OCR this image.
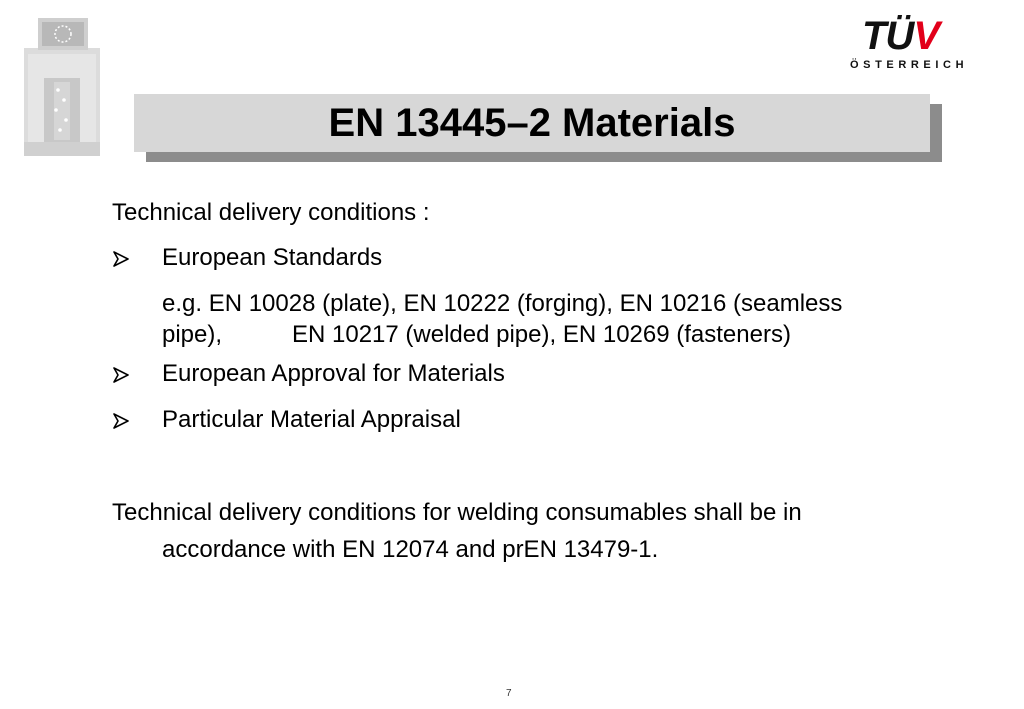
TÜV
ÖSTERREICH
EN 13445–2 Materials
Technical delivery conditions :
European Standards
e.g. EN 10028 (plate), EN 10222 (forging), EN 10216 (seamless
pipe),	EN 10217 (welded pipe), EN 10269 (fasteners)
European Approval for Materials
Particular Material Appraisal
Technical delivery conditions for welding consumables shall be in
accordance with EN 12074 and prEN 13479-1.
7
